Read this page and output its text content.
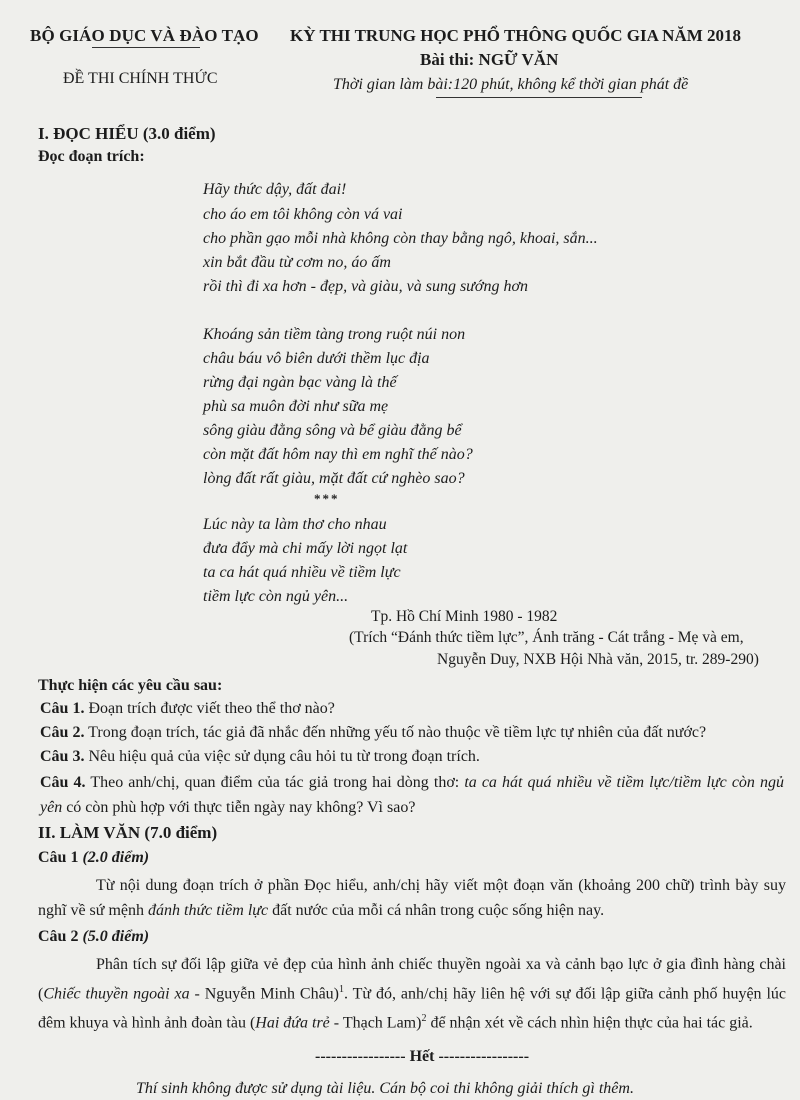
BỘ GIÁO DỤC VÀ ĐÀO TẠO KỲ THI TRUNG HỌC PHỔ THÔNG QUỐC GIA NĂM 2018
Bài thi: NGỮ VĂN
ĐỀ THI CHÍNH THỨC	Thời gian làm bài:120 phút, không kể thời gian phát đề
I. ĐỌC HIỂU (3.0 điểm)
Đọc đoạn trích:
Hãy thức dậy, đất đai!
cho áo em tôi không còn vá vai
cho phần gạo mỗi nhà không còn thay bằng ngô, khoai, sắn...
xin bắt đầu từ cơm no, áo ấm
rồi thì đi xa hơn - đẹp, và giàu, và sung sướng hơn
Khoáng sản tiềm tàng trong ruột núi non
châu báu vô biên dưới thềm lục địa
rừng đại ngàn bạc vàng là thế
phù sa muôn đời như sữa mẹ
sông giàu đằng sông và bể giàu đằng bể
còn mặt đất hôm nay thì em nghĩ thế nào?
lòng đất rất giàu, mặt đất cứ nghèo sao?
***
Lúc này ta làm thơ cho nhau
đưa đẩy mà chi mấy lời ngọt lạt
ta ca hát quá nhiều về tiềm lực
tiềm lực còn ngủ yên...
Tp. Hồ Chí Minh 1980 - 1982
(Trích “Đánh thức tiềm lực”, Ánh trăng - Cát trắng - Mẹ và em,
Nguyễn Duy, NXB Hội Nhà văn, 2015, tr. 289-290)
Thực hiện các yêu cầu sau:
Câu 1. Đoạn trích được viết theo thể thơ nào?
Câu 2. Trong đoạn trích, tác giả đã nhắc đến những yếu tố nào thuộc về tiềm lực tự nhiên của đất nước?
Câu 3. Nêu hiệu quả của việc sử dụng câu hỏi tu từ trong đoạn trích.
Câu 4. Theo anh/chị, quan điểm của tác giả trong hai dòng thơ: ta ca hát quá nhiều về tiềm lực/tiềm lực còn ngủ yên có còn phù hợp với thực tiễn ngày nay không? Vì sao?
II. LÀM VĂN (7.0 điểm)
Câu 1 (2.0 điểm)
Từ nội dung đoạn trích ở phần Đọc hiểu, anh/chị hãy viết một đoạn văn (khoảng 200 chữ) trình bày suy nghĩ về sứ mệnh đánh thức tiềm lực đất nước của mỗi cá nhân trong cuộc sống hiện nay.
Câu 2 (5.0 điểm)
Phân tích sự đối lập giữa vẻ đẹp của hình ảnh chiếc thuyền ngoài xa và cảnh bạo lực ở gia đình hàng chài (Chiếc thuyền ngoài xa - Nguyễn Minh Châu)$^1$. Từ đó, anh/chị hãy liên hệ với sự đối lập giữa cảnh phố huyện lúc đêm khuya và hình ảnh đoàn tàu (Hai đứa trẻ - Thạch Lam)$^2$ để nhận xét về cách nhìn hiện thực của hai tác giả.
----------------- Hết -----------------
Thí sinh không được sử dụng tài liệu. Cán bộ coi thi không giải thích gì thêm.
